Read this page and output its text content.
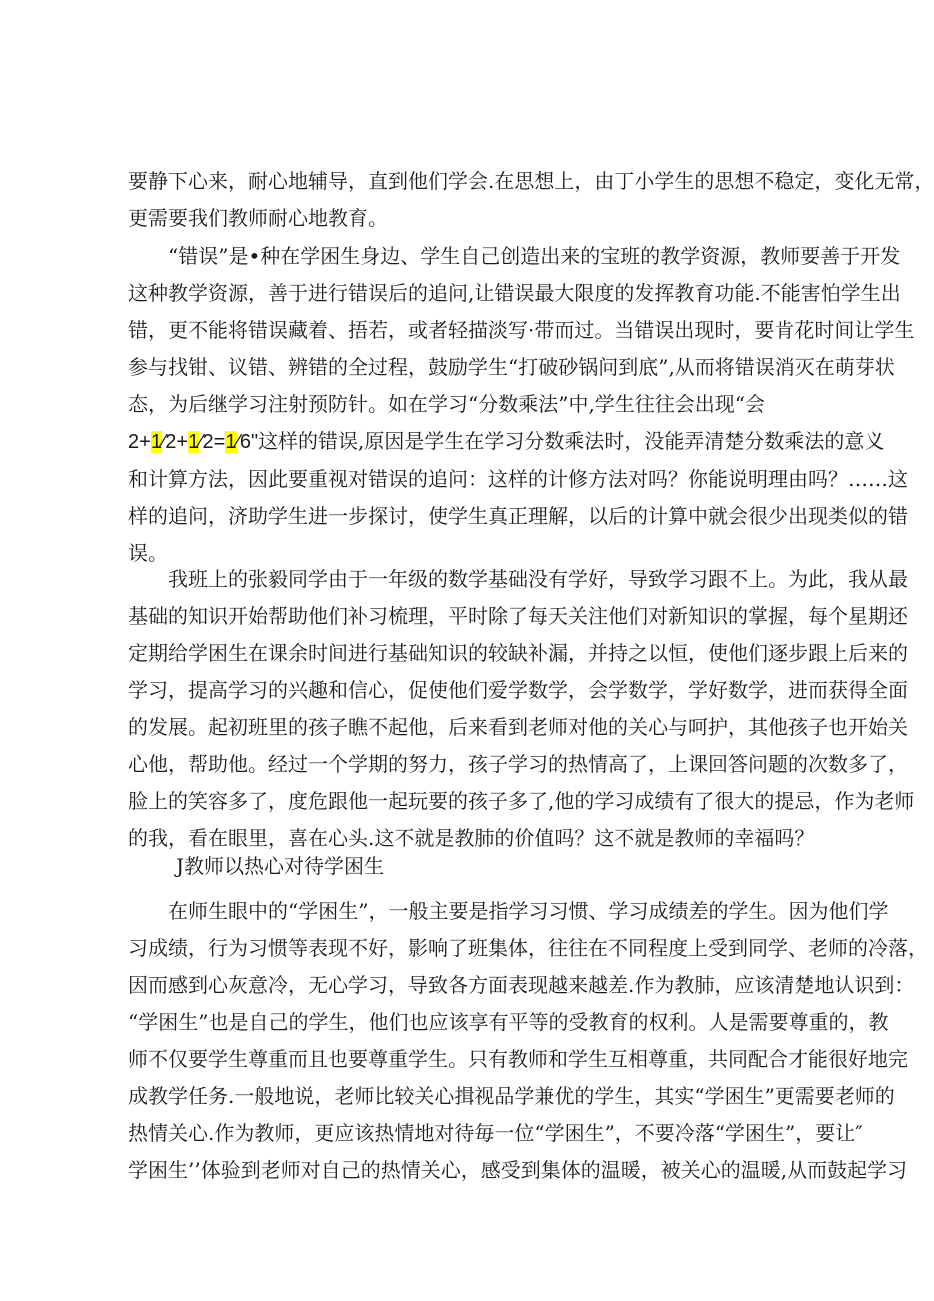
要静下心来，耐心地辅导，直到他们学会.在思想上，由丁小学生的思想不稳定，变化无常，
更需要我们教师耐心地教育。
“错误”是•种在学困生身边、学生自己创造出来的宝班的教学资源，教师要善于开发
这种教学资源，善于进行错误后的追问,让错误最大限度的发挥教育功能.不能害怕学生出
错，更不能将错误藏着、捂若，或者轻描淡写·带而过。当错误出现时，要肯花时间让学生
参与找钳、议错、辨错的全过程，鼓励学生“打破砂锅问到底”,从而将错误消灭在萌芽状
态，为后继学习注射预防针。如在学习“分数乘法”中,学生往往会出现“会
2+1⁄2+1⁄2=1⁄6"这样的错误,原因是学生在学习分数乘法时，没能弄清楚分数乘法的意义
和计算方法，因此要重视对错误的追问：这样的计修方法对吗？你能说明理由吗？……这
样的追问，济助学生进一步探讨，使学生真正理解，以后的计算中就会很少出现类似的错
误。
我班上的张毅同学由于一年级的数学基础没有学好，导致学习跟不上。为此，我从最
基础的知识开始帮助他们补习梳理，平时除了每天关注他们对新知识的掌握，每个星期还
定期给学困生在课余时间进行基础知识的较缺补漏，并持之以恒，使他们逐步跟上后来的
学习，提高学习的兴趣和信心，促使他们爱学数学，会学数学，学好数学，进而获得全面
的发展。起初班里的孩子瞧不起他，后来看到老师对他的关心与呵护，其他孩子也开始关
心他，帮助他。经过一个学期的努力，孩子学习的热情高了，上课回答问题的次数多了，
脸上的笑容多了，度危跟他一起玩要的孩子多了,他的学习成绩有了很大的提忌，作为老师
的我，看在眼里，喜在心头.这不就是教肺的价值吗？这不就是教师的幸福吗？

J教师以热心对待学困生

在师生眼中的“学困生”，一般主要是指学习习惯、学习成绩差的学生。因为他们学
习成绩，行为习惯等表现不好，影响了班集体，往往在不同程度上受到同学、老师的冷落，
因而感到心灰意冷，无心学习，导致各方面表现越来越差.作为教肺，应该清楚地认识到：
“学困生”也是自己的学生，他们也应该享有平等的受教育的权利。人是需要尊重的，教
师不仅要学生尊重而且也要尊重学生。只有教师和学生互相尊重，共同配合才能很好地完
成教学任务.一般地说，老师比较关心揖视品学兼优的学生，其实“学困生”更需要老师的
热情关心.作为教师，更应该热情地对待毎一位“学困生”，不要冷落“学困生”，要让″
学困生’’体验到老师对自己的热情关心，感受到集体的温暖，被关心的温暖,从而鼓起学习
